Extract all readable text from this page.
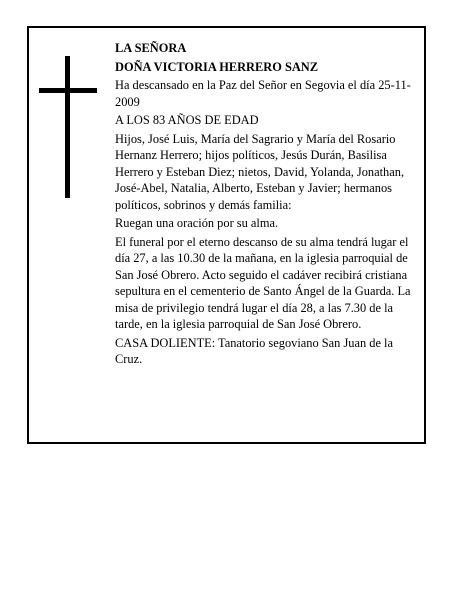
LA SEÑORA

DOÑA VICTORIA HERRERO SANZ

Ha descansado en la Paz del Señor en Segovia el día 25-11-2009

A LOS 83 AÑOS DE EDAD

Hijos, José Luis, María del Sagrario y María del Rosario Hernanz Herrero; hijos políticos, Jesús Durán, Basilisa Herrero y Esteban Diez; nietos, David, Yolanda, Jonathan, José-Abel, Natalia, Alberto, Esteban y Javier; hermanos políticos, sobrinos y demás familia:

Ruegan una oración por su alma.

El funeral por el eterno descanso de su alma tendrá lugar el día 27, a las 10.30 de la mañana, en la iglesia parroquial de San José Obrero. Acto seguido el cadáver recibirá cristiana sepultura en el cementerio de Santo Ángel de la Guarda. La misa de privilegio tendrá lugar el día 28, a las 7.30 de la tarde, en la iglesia parroquial de San José Obrero.

CASA DOLIENTE: Tanatorio segoviano San Juan de la Cruz.
